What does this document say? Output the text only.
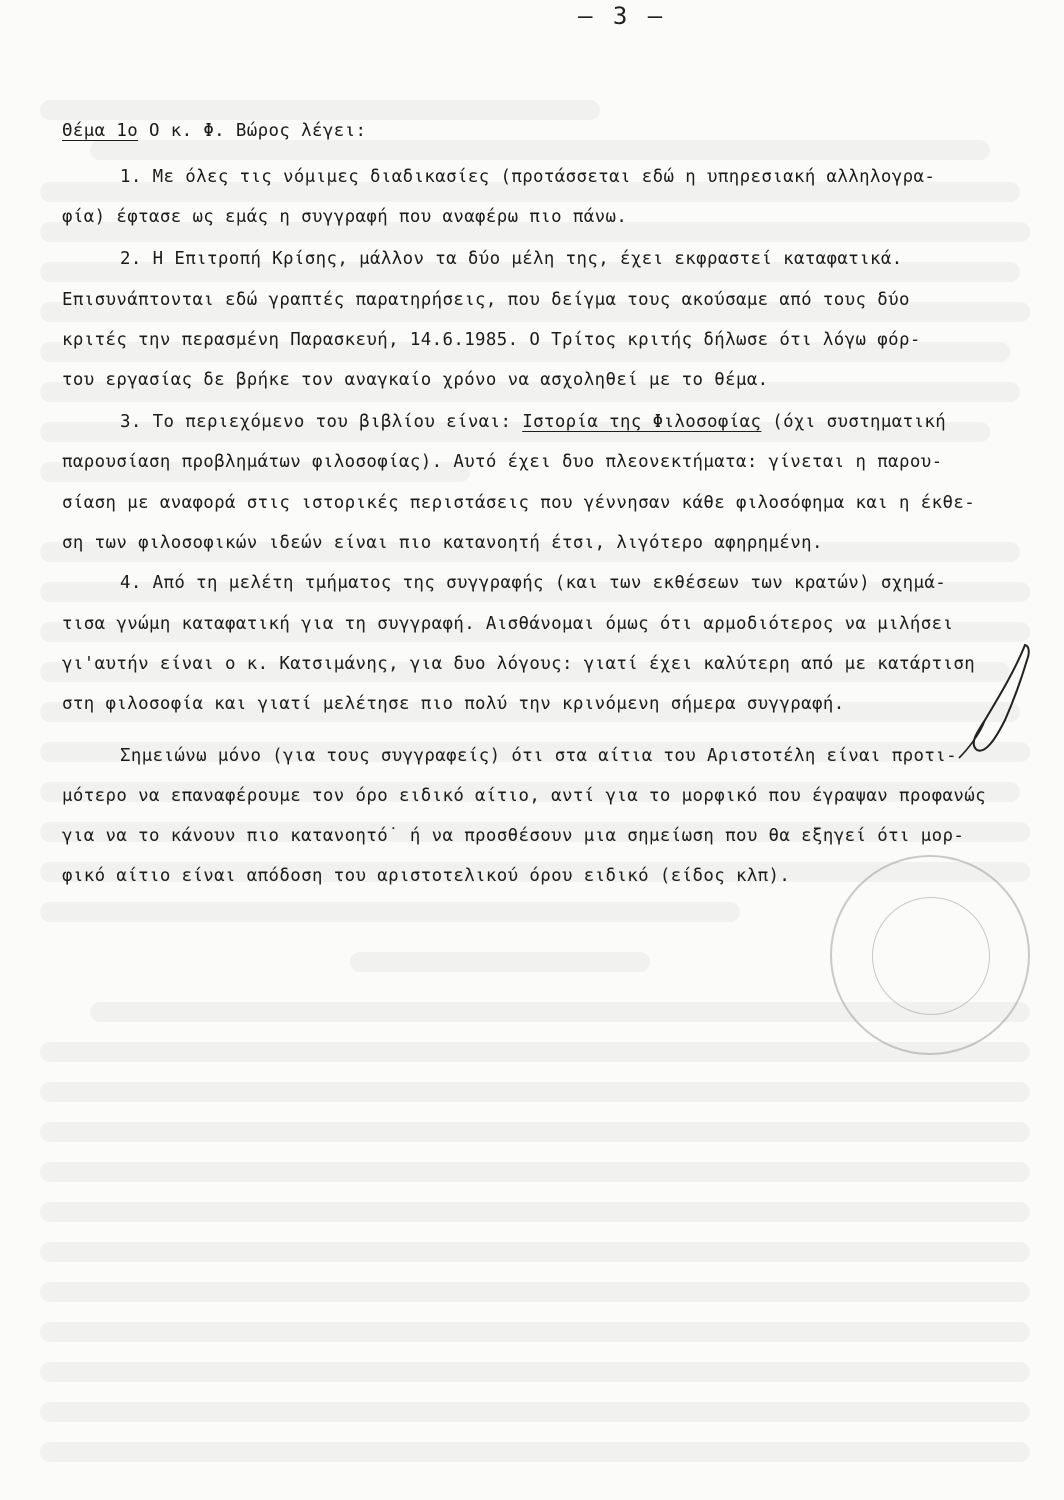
– 3 –
Θέμα 1ο Ο κ. Φ. Βώρος λέγει:
1. Με όλες τις νόμιμες διαδικασίες (προτάσσεται εδώ η υπηρεσιακή αλληλογρα-
φία) έφτασε ως εμάς η συγγραφή που αναφέρω πιο πάνω.
2. Η Επιτροπή Κρίσης, μάλλον τα δύο μέλη της, έχει εκφραστεί καταφατικά.
Επισυνάπτονται εδώ γραπτές παρατηρήσεις, που δείγμα τους ακούσαμε από τους δύο
κριτές την περασμένη Παρασκευή, 14.6.1985. Ο Τρίτος κριτής δήλωσε ότι λόγω φόρ-
του εργασίας δε βρήκε τον αναγκαίο χρόνο να ασχοληθεί με το θέμα.
3. Το περιεχόμενο του βιβλίου είναι: Ιστορία της Φιλοσοφίας (όχι συστηματική
παρουσίαση προβλημάτων φιλοσοφίας). Αυτό έχει δυο πλεονεκτήματα: γίνεται η παρου-
σίαση με αναφορά στις ιστορικές περιστάσεις που γέννησαν κάθε φιλοσόφημα και η έκθε-
ση των φιλοσοφικών ιδεών είναι πιο κατανοητή έτσι, λιγότερο αφηρημένη.
4. Από τη μελέτη τμήματος της συγγραφής (και των εκθέσεων των κρατών) σχημά-
τισα γνώμη καταφατική για τη συγγραφή. Αισθάνομαι όμως ότι αρμοδιότερος να μιλήσει
γι'αυτήν είναι ο κ. Κατσιμάνης, για δυο λόγους: γιατί έχει καλύτερη από με κατάρτιση
στη φιλοσοφία και γιατί μελέτησε πιο πολύ την κρινόμενη σήμερα συγγραφή.
Σημειώνω μόνο (για τους συγγραφείς) ότι στα αίτια του Αριστοτέλη είναι προτι-
μότερο να επαναφέρουμε τον όρο ειδικό αίτιο, αντί για το μορφικό που έγραψαν προφανώς
για να το κάνουν πιο κατανοητό˙ ή να προσθέσουν μια σημείωση που θα εξηγεί ότι μορ-
φικό αίτιο είναι απόδοση του αριστοτελικού όρου ειδικό (είδος κλπ).
